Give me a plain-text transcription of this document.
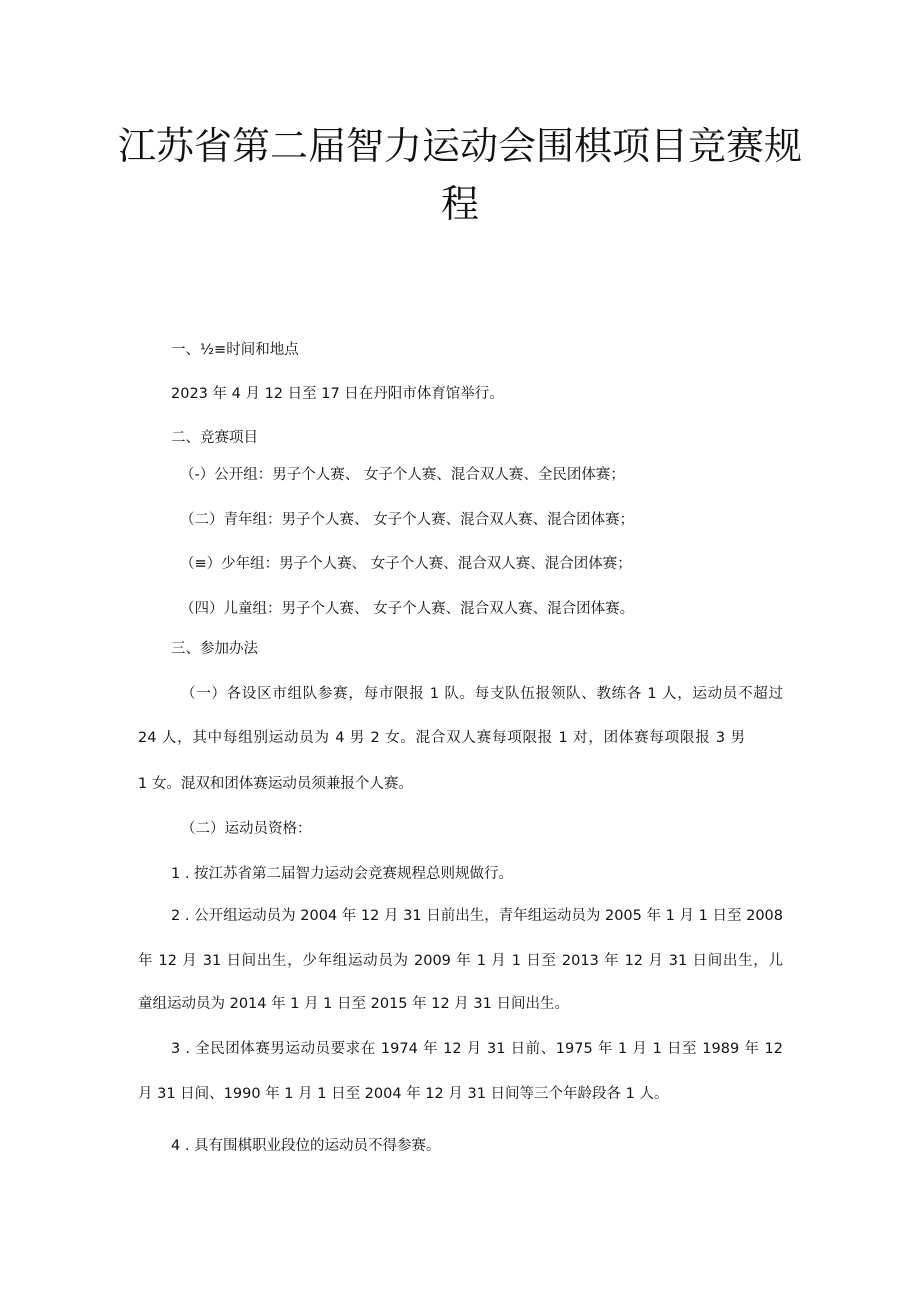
江苏省第二届智力运动会围棋项目竞赛规
程
一、½≡时间和地点
2023 年 4 月 12 日至 17 日在丹阳市体育馆举行。
二、竞赛项目
（-）公开组：男子个人赛、 女子个人赛、混合双人赛、全民团体赛；
（二）青年组：男子个人赛、 女子个人赛、混合双人赛、混合团体赛；
（≡）少年组：男子个人赛、 女子个人赛、混合双人赛、混合团体赛；
（四）儿童组：男子个人赛、 女子个人赛、混合双人赛、混合团体赛。
三、参加办法
（一）各设区市组队参赛，每市限报 1 队。每支队伍报领队、教练各 1 人，运动员不超过
24 人，其中每组别运动员为 4 男 2 女。混合双人赛每项限报 1 对，团体赛每项限报 3 男
1 女。混双和团体赛运动员须兼报个人赛。
（二）运动员资格：
1 . 按江苏省第二届智力运动会竞赛规程总则规做行。
2 . 公开组运动员为 2004 年 12 月 31 日前出生，青年组运动员为 2005 年 1 月 1 日至 2008
年 12 月 31 日间出生，少年组运动员为 2009 年 1 月 1 日至 2013 年 12 月 31 日间出生，儿
童组运动员为 2014 年 1 月 1 日至 2015 年 12 月 31 日间出生。
3 . 全民团体赛男运动员要求在 1974 年 12 月 31 日前、1975 年 1 月 1 日至 1989 年 12
月 31 日间、1990 年 1 月 1 日至 2004 年 12 月 31 日间等三个年龄段各 1 人。
4 . 具有围棋职业段位的运动员不得参赛。
